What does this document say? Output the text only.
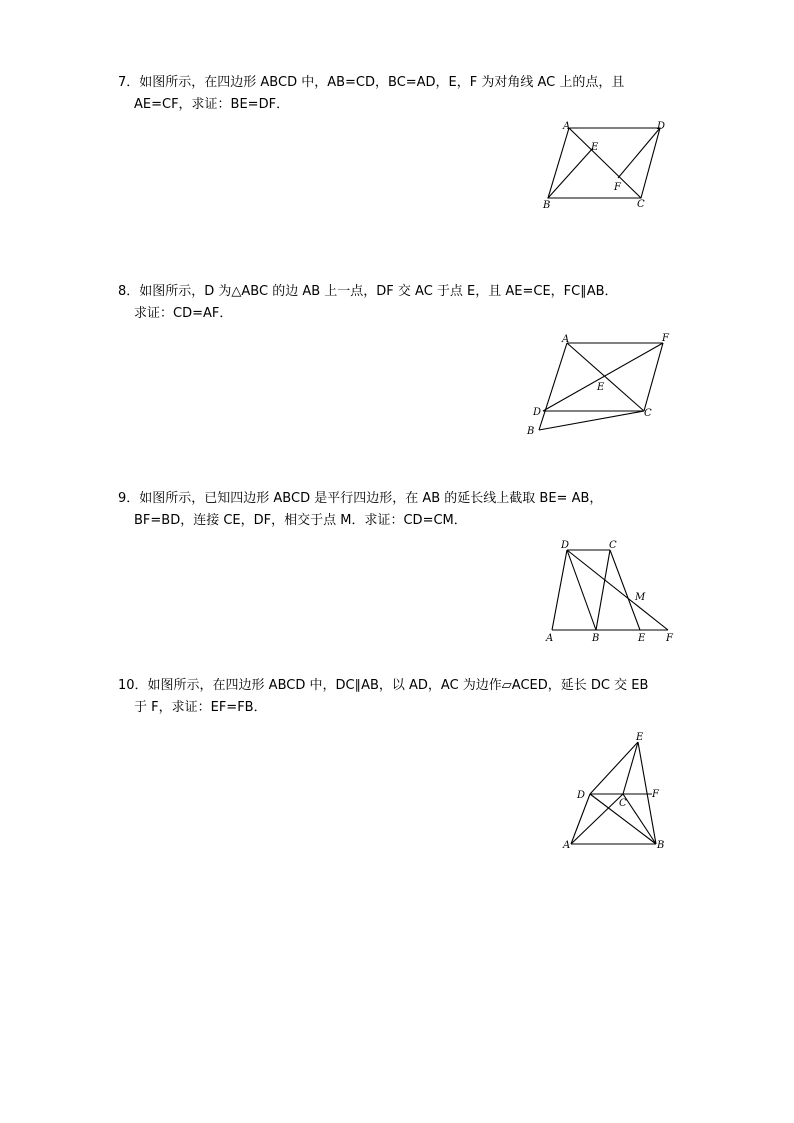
7．如图所示，在四边形 ABCD 中，AB=CD，BC=AD，E，F 为对角线 AC 上的点，且
AE=CF，求证：BE=DF．
A	D
E
F
B	C
8．如图所示，D 为△ABC 的边 AB 上一点，DF 交 AC 于点 E，且 AE=CE，FC∥AB．
求证：CD=AF．
A	F
E
D	C
B
9．如图所示，已知四边形 ABCD 是平行四边形，在 AB 的延长线上截取 BE= AB，
BF=BD，连接 CE，DF，相交于点 M．求证：CD=CM．
D	C
M
A	B	E F
10．如图所示，在四边形 ABCD 中，DC∥AB，以 AD，AC 为边作▱ACED，延长 DC 交 EB
于 F，求证：EF=FB．
E
D
C
F
A	B
